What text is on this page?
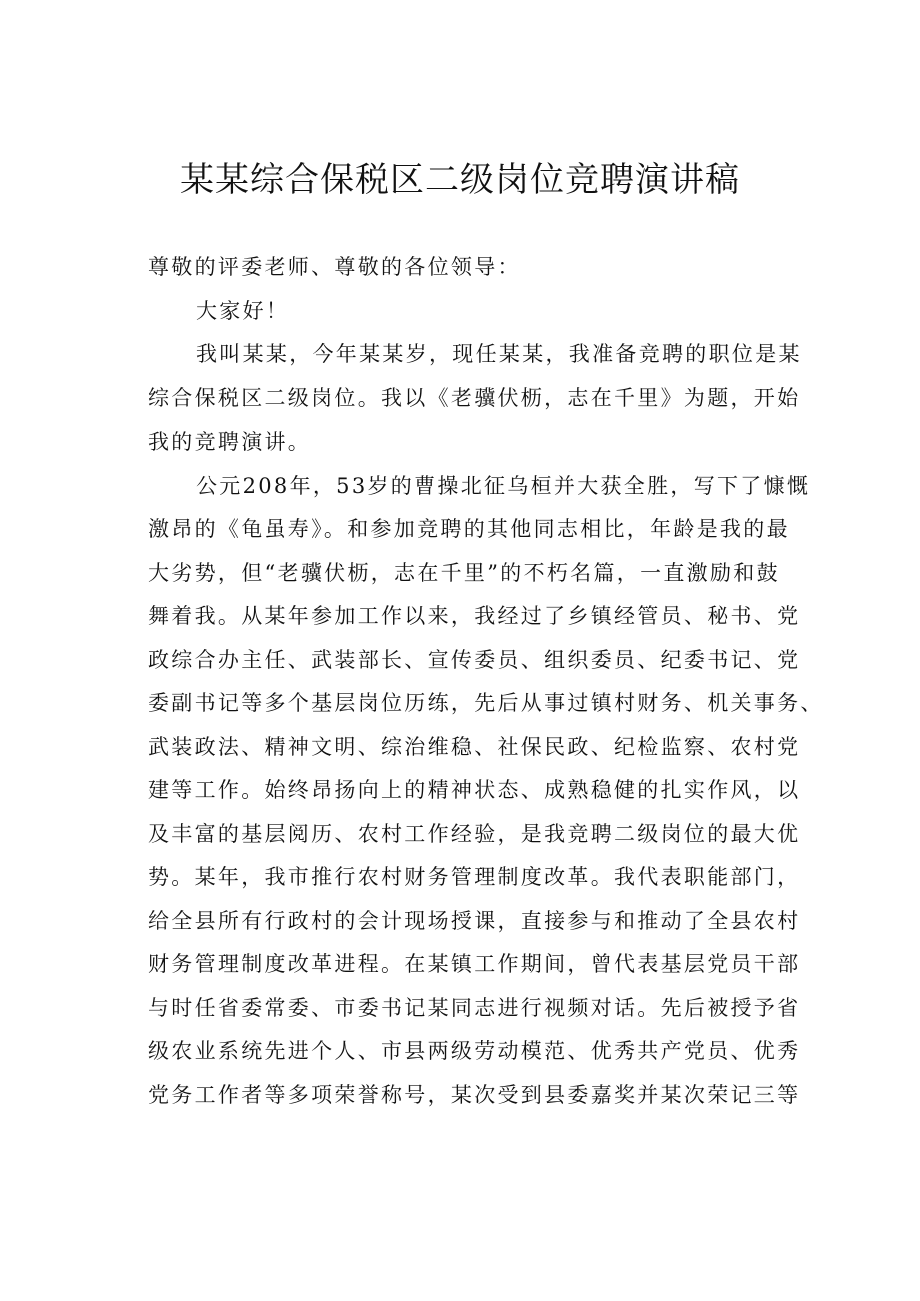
某某综合保税区二级岗位竞聘演讲稿

尊敬的评委老师、尊敬的各位领导：

大家好！

我叫某某，今年某某岁，现任某某，我准备竞聘的职位是某

综合保税区二级岗位。我以《老骥伏枥，志在千里》为题，开始

我的竞聘演讲。

公元208年，53岁的曹操北征乌桓并大获全胜，写下了慷慨

激昂的《龟虽寿》。和参加竞聘的其他同志相比，年龄是我的最

大劣势，但“老骥伏枥，志在千里”的不朽名篇，一直激励和鼓

舞着我。从某年参加工作以来，我经过了乡镇经管员、秘书、党

政综合办主任、武装部长、宣传委员、组织委员、纪委书记、党

委副书记等多个基层岗位历练，先后从事过镇村财务、机关事务、

武装政法、精神文明、综治维稳、社保民政、纪检监察、农村党

建等工作。始终昂扬向上的精神状态、成熟稳健的扎实作风，以

及丰富的基层阅历、农村工作经验，是我竞聘二级岗位的最大优

势。某年，我市推行农村财务管理制度改革。我代表职能部门，

给全县所有行政村的会计现场授课，直接参与和推动了全县农村

财务管理制度改革进程。在某镇工作期间，曾代表基层党员干部

与时任省委常委、市委书记某同志进行视频对话。先后被授予省

级农业系统先进个人、市县两级劳动模范、优秀共产党员、优秀

党务工作者等多项荣誉称号，某次受到县委嘉奖并某次荣记三等
